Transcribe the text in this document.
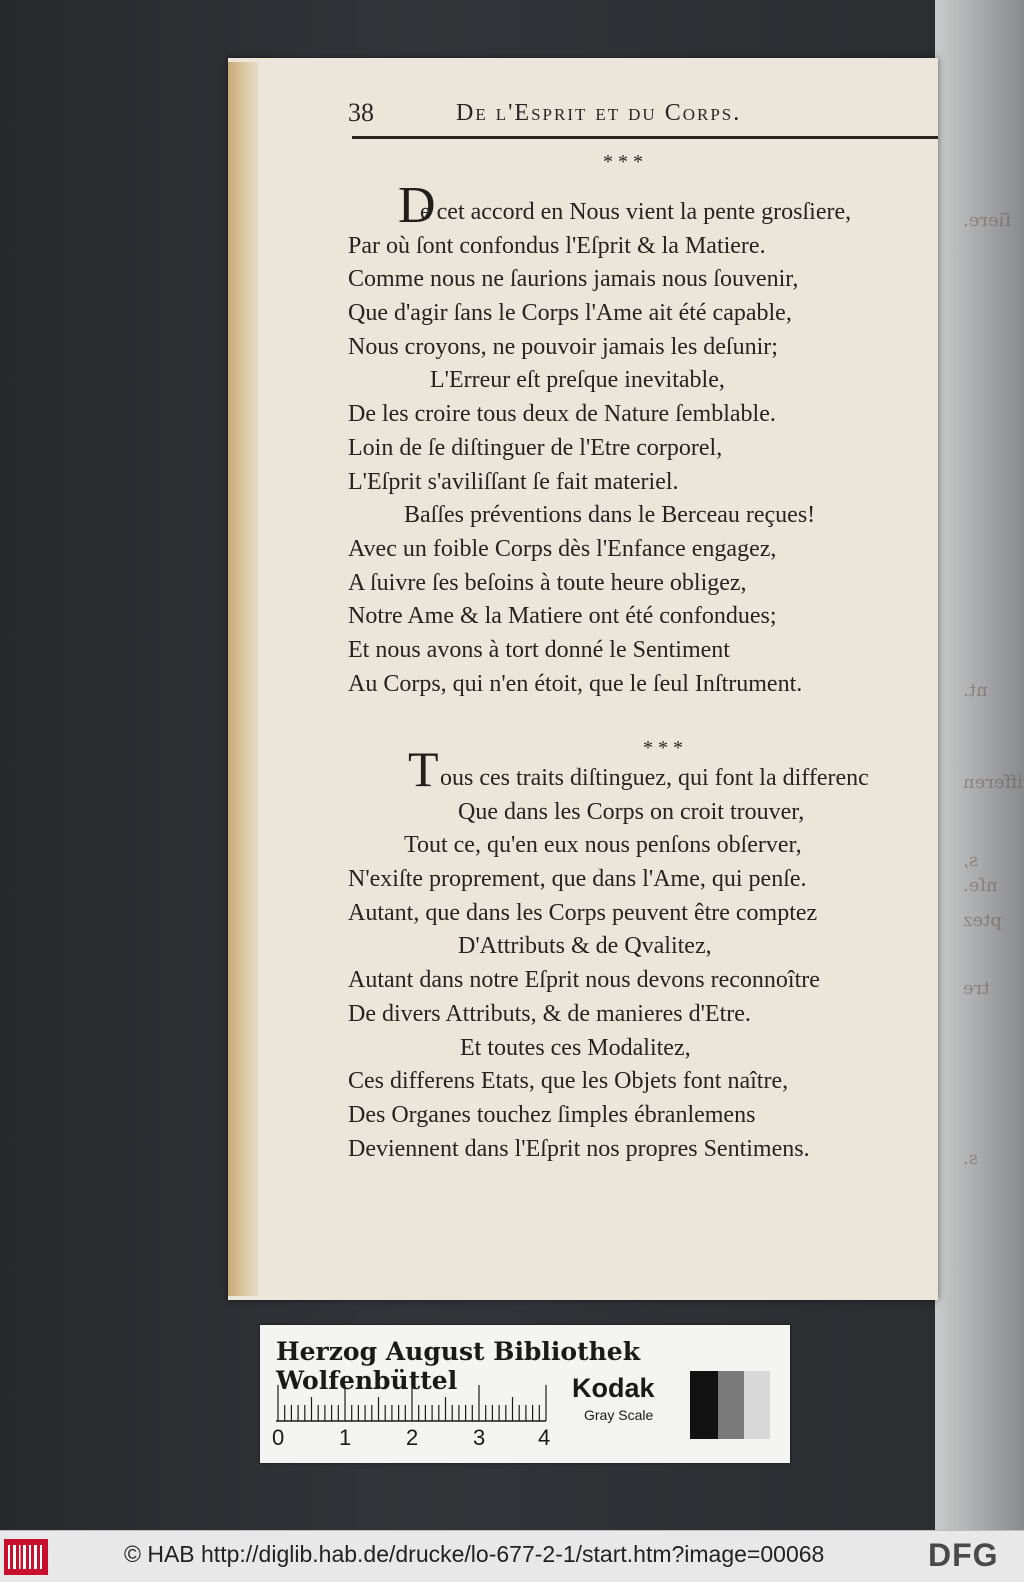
ſiere.
nt.
ifferen
s,
nſe.
ptez
tre
s.
38	De l'Esprit et du Corps.
* * *
D
e cet accord en Nous vient la pente grosſiere,
Par où ſont confondus l'Eſprit & la Matiere.
Comme nous ne ſaurions jamais nous ſouvenir,
Que d'agir ſans le Corps l'Ame ait été capable,
Nous croyons, ne pouvoir jamais les deſunir;
L'Erreur eſt preſque inevitable,
De les croire tous deux de Nature ſemblable.
Loin de ſe diſtinguer de l'Etre corporel,
L'Eſprit s'aviliſſant ſe fait materiel.
Baſſes préventions dans le Berceau reçues!
Avec un foible Corps dès l'Enfance engagez,
A ſuivre ſes beſoins à toute heure obligez,
Notre Ame & la Matiere ont été confondues;
Et nous avons à tort donné le Sentiment
Au Corps, qui n'en étoit, que le ſeul Inſtrument.
* * *
T ous ces traits diſtinguez, qui font la differenc
Que dans les Corps on croit trouver,
Tout ce, qu'en eux nous penſons obſerver,
N'exiſte proprement, que dans l'Ame, qui penſe.
Autant, que dans les Corps peuvent être comptez
D'Attributs & de Qvalitez,
Autant dans notre Eſprit nous devons reconnoître
De divers Attributs, & de manieres d'Etre.
Et toutes ces Modalitez,
Ces differens Etats, que les Objets font naître,
Des Organes touchez ſimples ébranlemens
Deviennent dans l'Eſprit nos propres Sentimens.
Herzog August Bibliothek Wolfenbüttel
0 1 2 3 4
Kodak
Gray Scale
© HAB http://diglib.hab.de/drucke/lo-677-2-1/start.htm?image=00068	DFG
